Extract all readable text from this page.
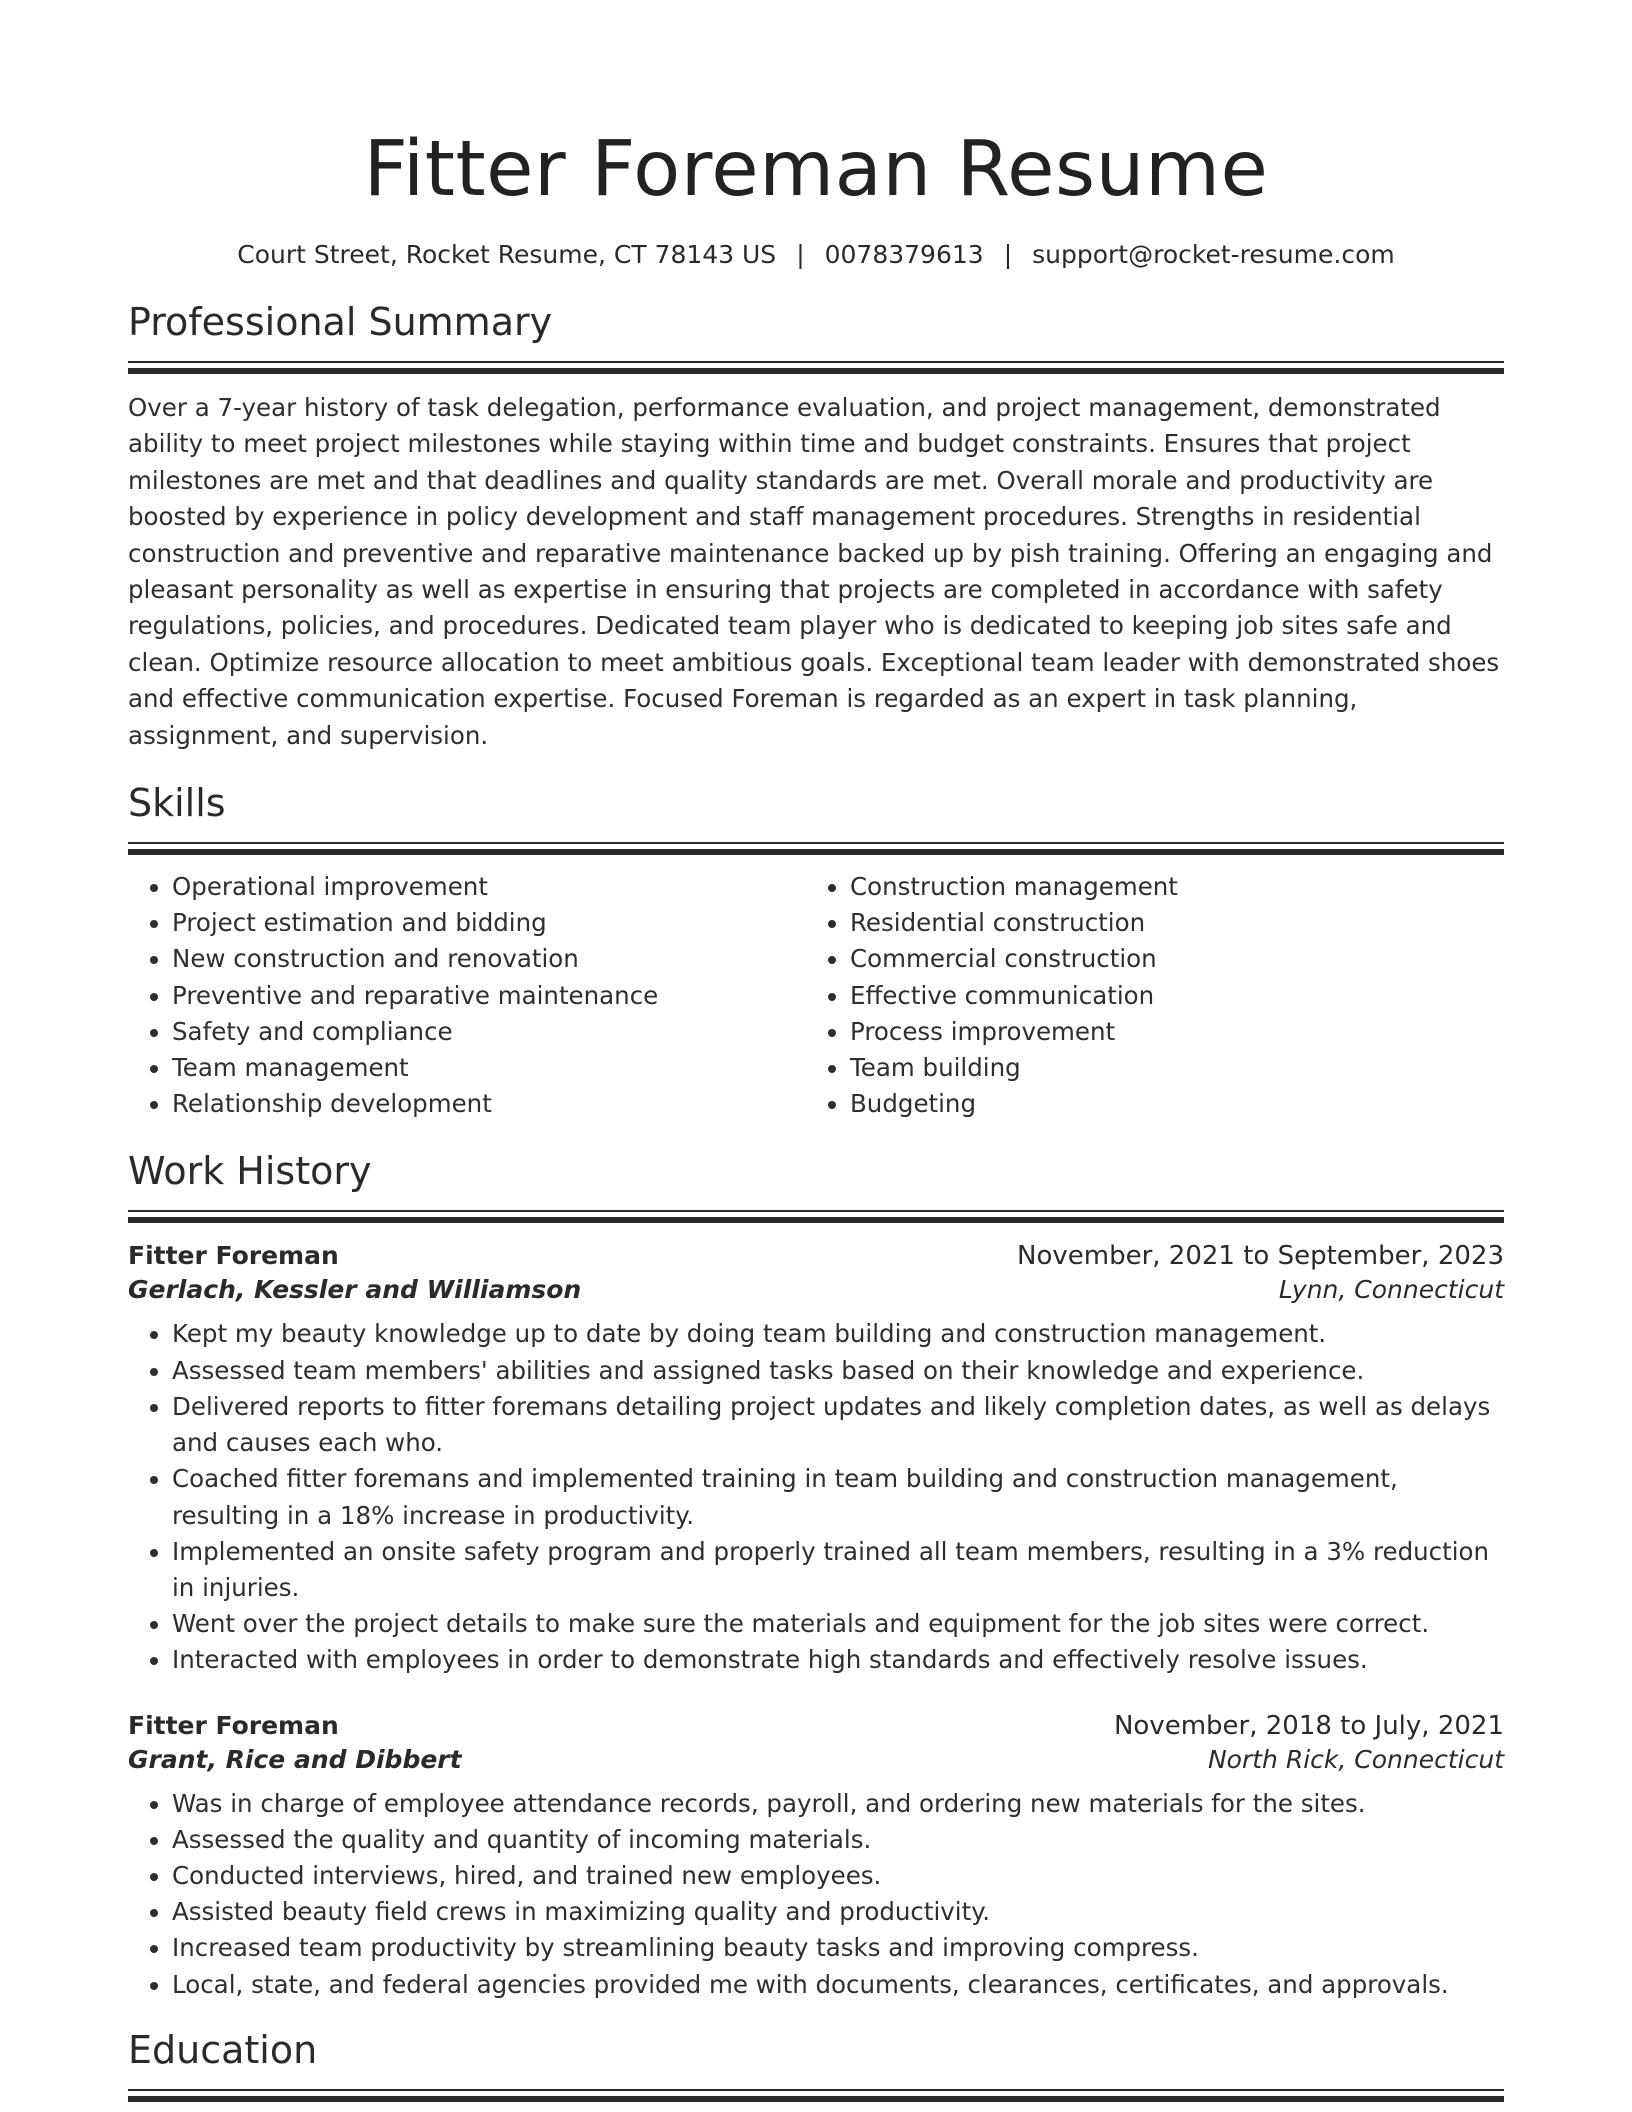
Fitter Foreman Resume
Court Street, Rocket Resume, CT 78143 US | 0078379613 | support@rocket-resume.com
Professional Summary

Over a 7-year history of task delegation, performance evaluation, and project management, demonstrated ability to meet project milestones while staying within time and budget constraints. Ensures that project milestones are met and that deadlines and quality standards are met. Overall morale and productivity are boosted by experience in policy development and staff management procedures. Strengths in residential construction and preventive and reparative maintenance backed up by pish training. Offering an engaging and pleasant personality as well as expertise in ensuring that projects are completed in accordance with safety regulations, policies, and procedures. Dedicated team player who is dedicated to keeping job sites safe and clean. Optimize resource allocation to meet ambitious goals. Exceptional team leader with demonstrated shoes and effective communication expertise. Focused Foreman is regarded as an expert in task planning, assignment, and supervision.

Skills
• Operational improvement
• Project estimation and bidding
• New construction and renovation
• Preventive and reparative maintenance
• Safety and compliance
• Team management
• Relationship development
• Construction management
• Residential construction
• Commercial construction
• Effective communication
• Process improvement
• Team building
• Budgeting
Work History
Fitter Foreman	November, 2021 to September, 2023
Gerlach, Kessler and Williamson	Lynn, Connecticut
• Kept my beauty knowledge up to date by doing team building and construction management.
• Assessed team members' abilities and assigned tasks based on their knowledge and experience.
• Delivered reports to fitter foremans detailing project updates and likely completion dates, as well as delays and causes each who.
• Coached fitter foremans and implemented training in team building and construction management, resulting in a 18% increase in productivity.
• Implemented an onsite safety program and properly trained all team members, resulting in a 3% reduction in injuries.
• Went over the project details to make sure the materials and equipment for the job sites were correct.
• Interacted with employees in order to demonstrate high standards and effectively resolve issues.
Fitter Foreman	November, 2018 to July, 2021
Grant, Rice and Dibbert	North Rick, Connecticut
• Was in charge of employee attendance records, payroll, and ordering new materials for the sites.
• Assessed the quality and quantity of incoming materials.
• Conducted interviews, hired, and trained new employees.
• Assisted beauty field crews in maximizing quality and productivity.
• Increased team productivity by streamlining beauty tasks and improving compress.
• Local, state, and federal agencies provided me with documents, clearances, certificates, and approvals.
Education
